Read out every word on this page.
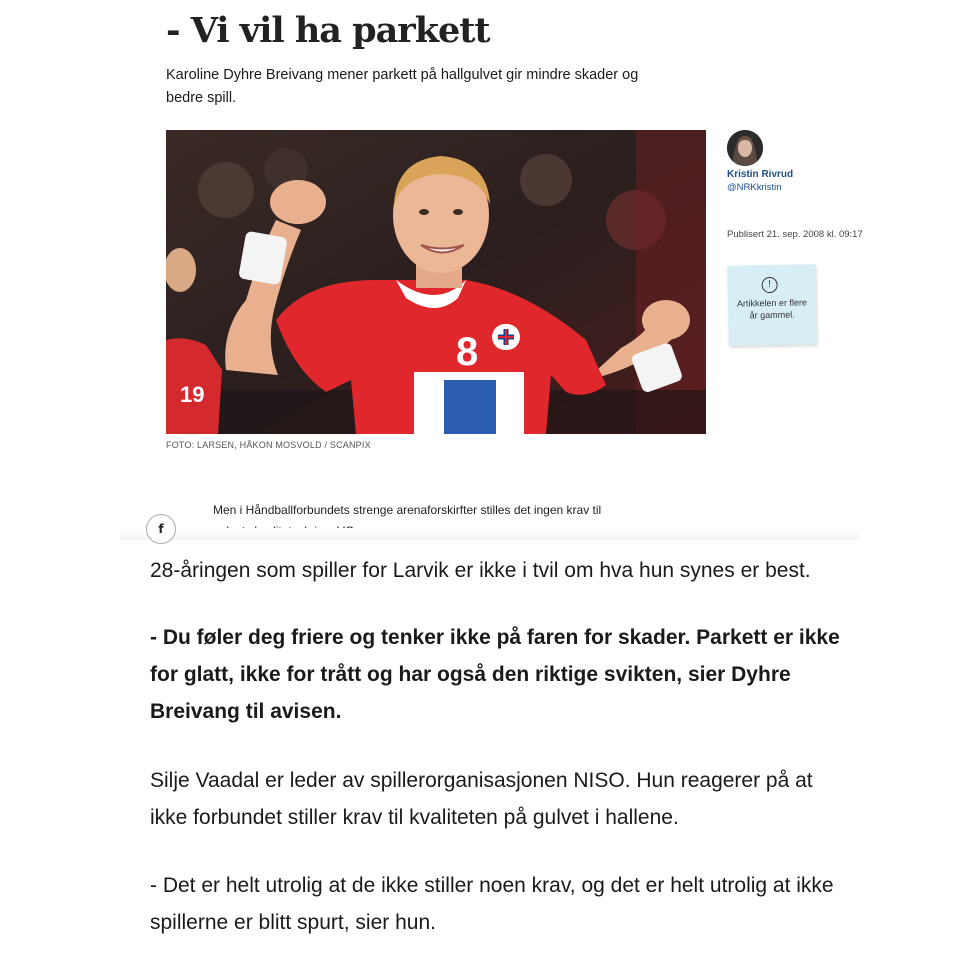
- Vi vil ha parkett

Karoline Dyhre Breivang mener parkett på hallgulvet gir mindre skader og bedre spill.

19
8

FOTO: LARSEN, HÅKON MOSVOLD / SCANPIX

Kristin Rivrud
@NRKkristin
Publisert 21. sep. 2008 kl. 09:17
!
Artikkelen er flere år gammel.

Men i Håndballforbundets strenge arenaforskirfter stilles det ingen krav til

f

28-åringen som spiller for Larvik er ikke i tvil om hva hun synes er best.

- Du føler deg friere og tenker ikke på faren for skader. Parkett er ikke for glatt, ikke for trått og har også den riktige svikten, sier Dyhre Breivang til avisen.

Silje Vaadal er leder av spillerorganisasjonen NISO. Hun reagerer på at ikke forbundet stiller krav til kvaliteten på gulvet i hallene.

- Det er helt utrolig at de ikke stiller noen krav, og det er helt utrolig at ikke spillerne er blitt spurt, sier hun.
